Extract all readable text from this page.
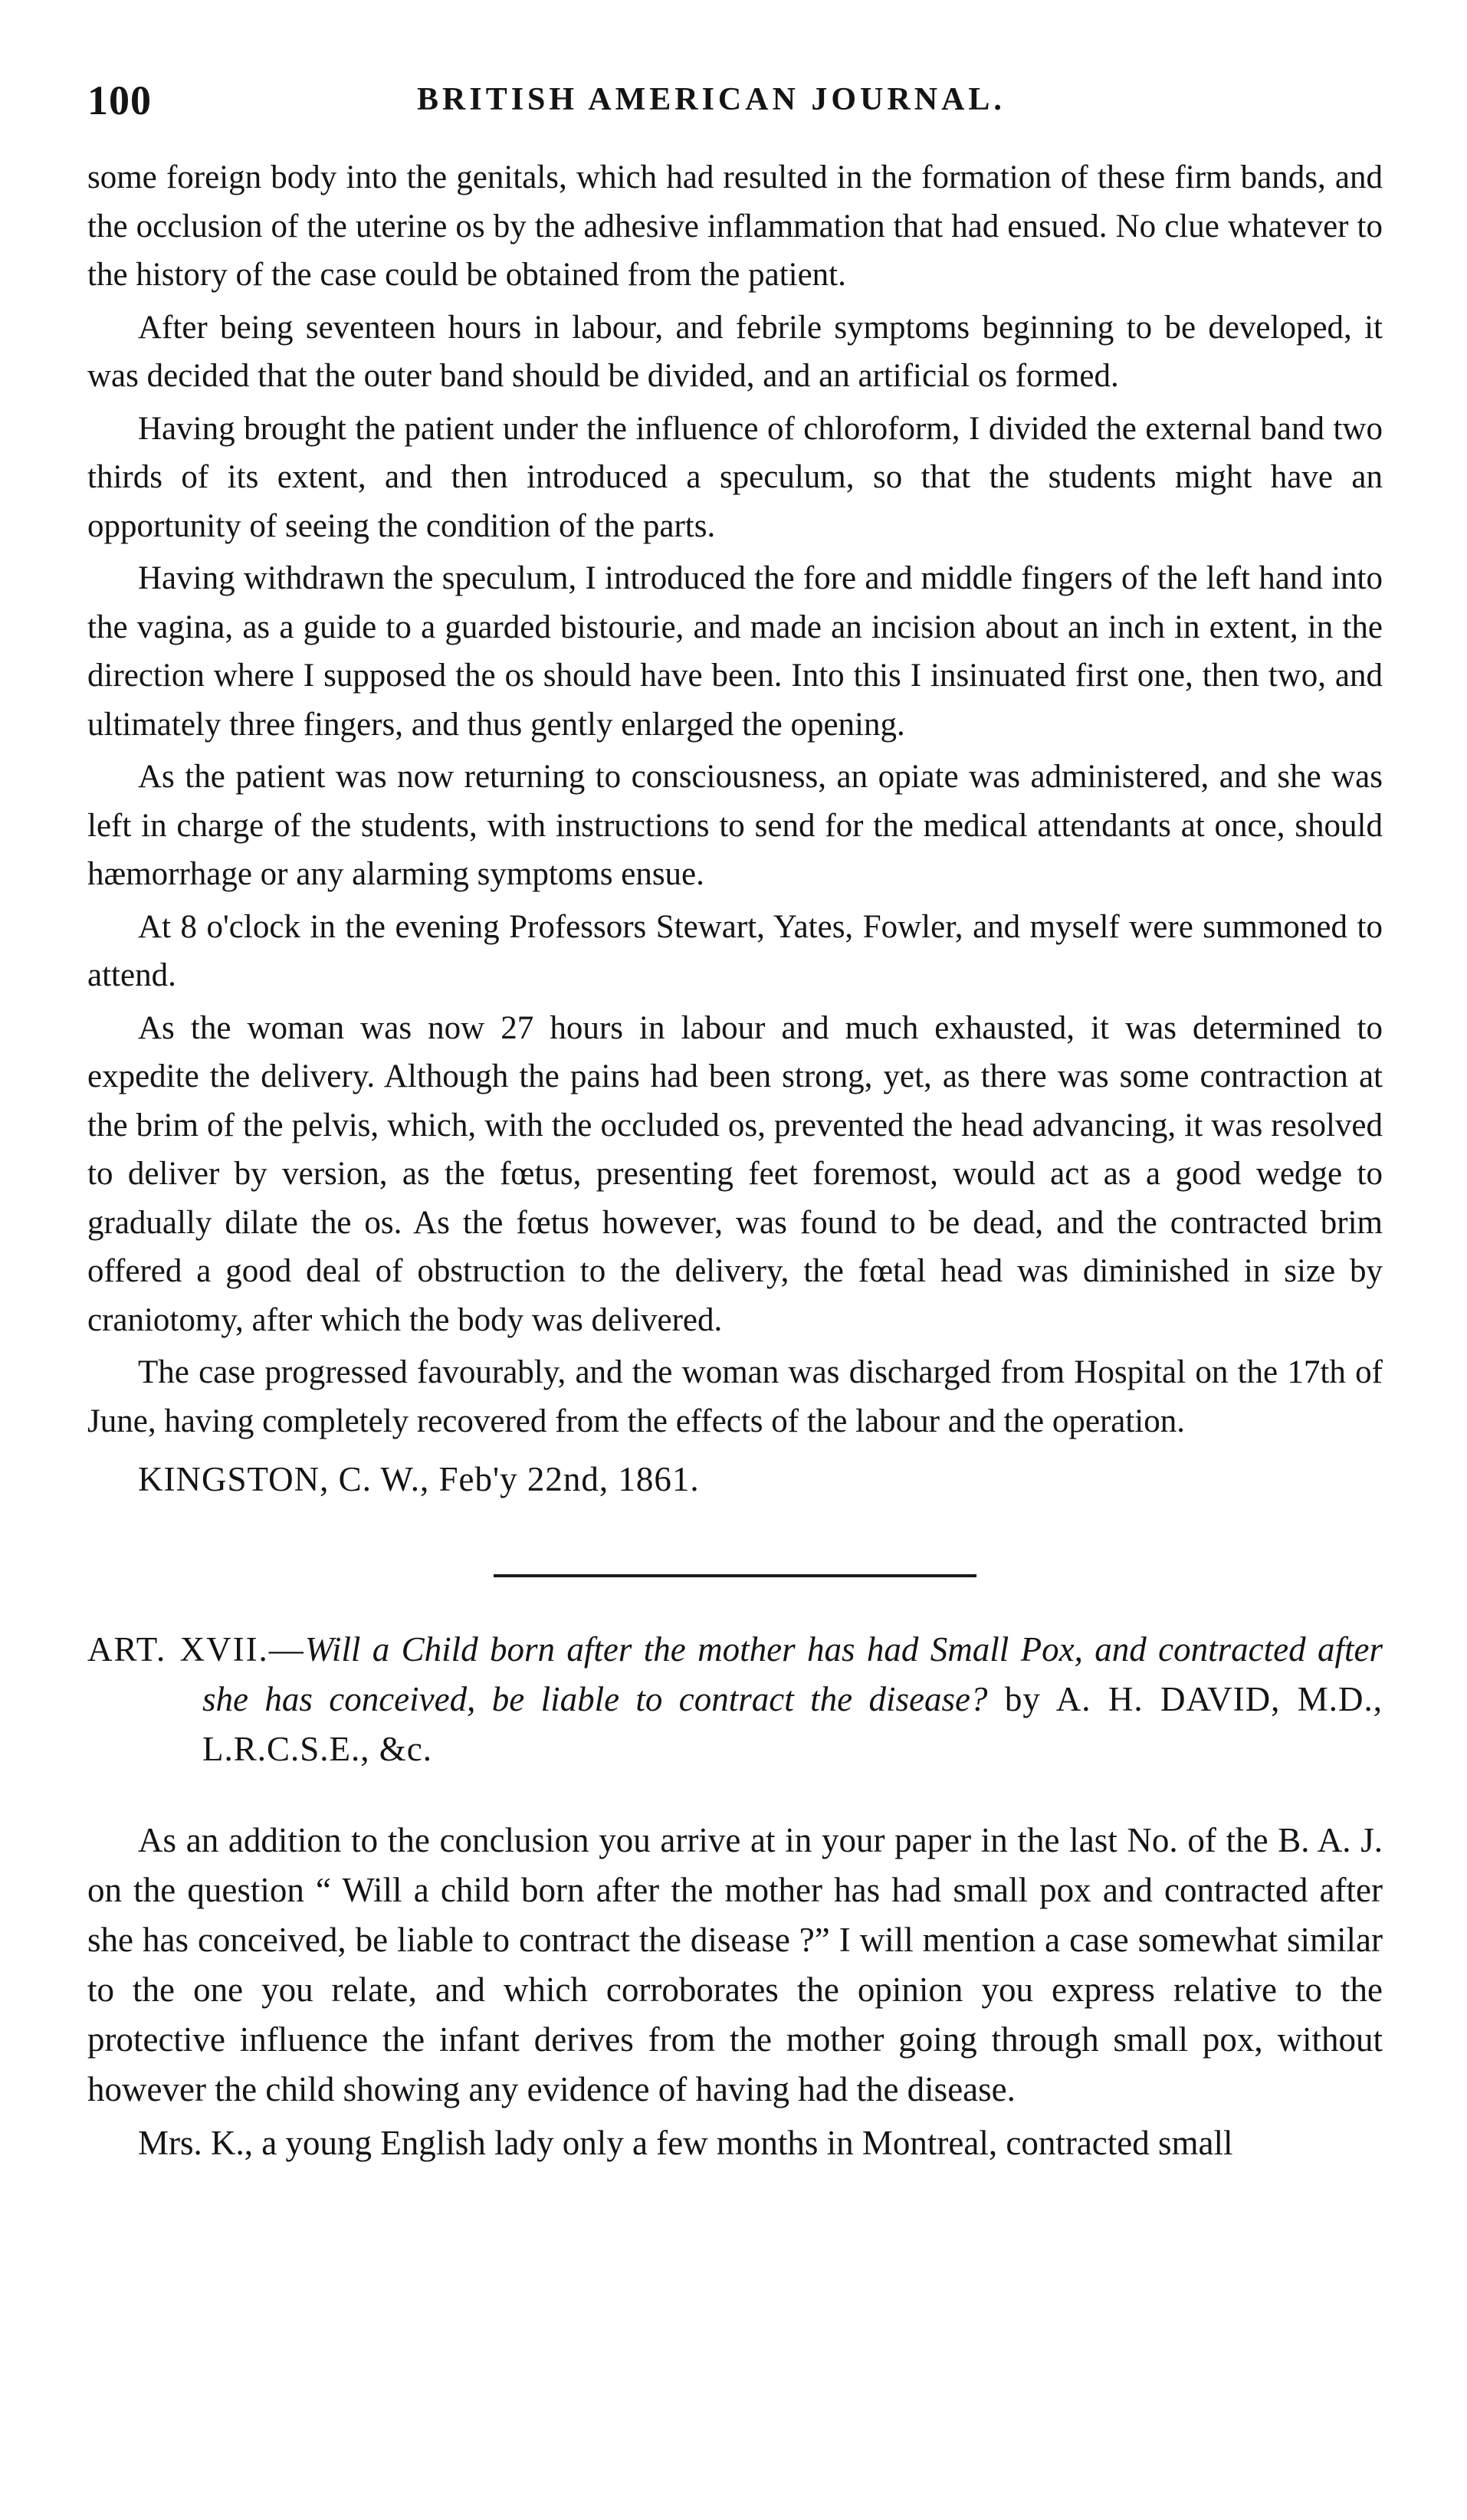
100	BRITISH AMERICAN JOURNAL.

some foreign body into the genitals, which had resulted in the formation of these firm bands, and the occlusion of the uterine os by the adhesive inflammation that had ensued. No clue whatever to the history of the case could be obtained from the patient.

After being seventeen hours in labour, and febrile symptoms beginning to be developed, it was decided that the outer band should be divided, and an artificial os formed.

Having brought the patient under the influence of chloroform, I divided the external band two thirds of its extent, and then introduced a speculum, so that the students might have an opportunity of seeing the condition of the parts.

Having withdrawn the speculum, I introduced the fore and middle fingers of the left hand into the vagina, as a guide to a guarded bistourie, and made an incision about an inch in extent, in the direction where I supposed the os should have been. Into this I insinuated first one, then two, and ultimately three fingers, and thus gently enlarged the opening.

As the patient was now returning to consciousness, an opiate was administered, and she was left in charge of the students, with instructions to send for the medical attendants at once, should hæmorrhage or any alarming symptoms ensue.

At 8 o'clock in the evening Professors Stewart, Yates, Fowler, and myself were summoned to attend.

As the woman was now 27 hours in labour and much exhausted, it was determined to expedite the delivery. Although the pains had been strong, yet, as there was some contraction at the brim of the pelvis, which, with the occluded os, prevented the head advancing, it was resolved to deliver by version, as the fœtus, presenting feet foremost, would act as a good wedge to gradually dilate the os. As the fœtus however, was found to be dead, and the contracted brim offered a good deal of obstruction to the delivery, the fœtal head was diminished in size by craniotomy, after which the body was delivered.

The case progressed favourably, and the woman was discharged from Hospital on the 17th of June, having completely recovered from the effects of the labour and the operation.

KINGSTON, C. W., Feb'y 22nd, 1861.

ART. XVII.—Will a Child born after the mother has had Small Pox, and contracted after she has conceived, be liable to contract the disease? by A. H. DAVID, M.D., L.R.C.S.E., &c.

As an addition to the conclusion you arrive at in your paper in the last No. of the B. A. J. on the question “ Will a child born after the mother has had small pox and contracted after she has conceived, be liable to contract the disease ?” I will mention a case somewhat similar to the one you relate, and which corroborates the opinion you express relative to the protective influence the infant derives from the mother going through small pox, without however the child showing any evidence of having had the disease.

Mrs. K., a young English lady only a few months in Montreal, contracted small
